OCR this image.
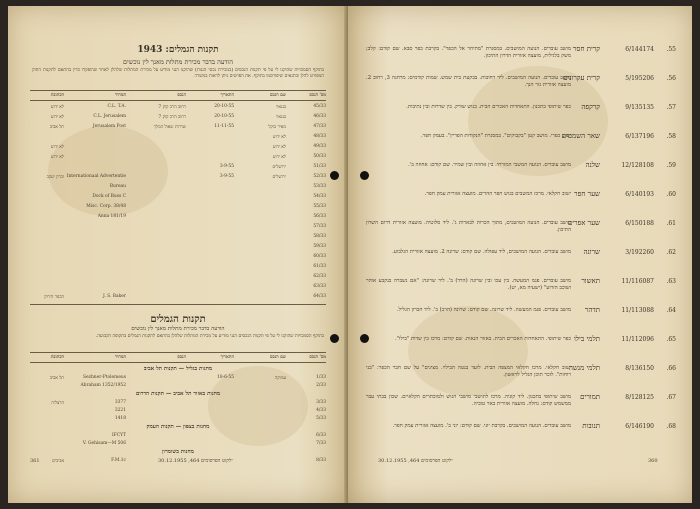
תקנות הגמלים: 1943
הודעה בדבר מכירת מתלות מאנך לין נוכשים
בתוקף הסמכויות שהוקנו לי על פי תקנות הנכסים (במכירת נכסי הגנות) שהוקנו הנני מודיע על מכירת המתלות שלהלן לאחר שהופקדו כדין בהתאם לתקנות החוק המפורט להלן ובתנאים שיפורסמו בתוקף. את הפרטים ניתן לראות במשרד.
מס' הנכס
שם הנכס
התאריך
הנכס
המחיר
הכתובת
45/33
בנגאוי
20-10-55
רחוב הרב קוק 7
C.L. T.A.
לא ידוע
46/33
בנגאוי
20-10-55
רחוב הרב קוק 7
C.L. Jerusalem
לא ידוע
47/33
מאיר בוקל
11-11-55
שדרות שאול המלך
Jerusalem Post
תל אביב
48/33
לא ידוע
49/33
לא ידוע
לא ידוע
50/33
לא ידוע
לא ידוע
51/33
ירושלים
3-9-55
52/33
ירושלים
3-9-55
Internationaal Advertentie
זכרון יעקב
53/33
Bureau
54/33
Dock of Buss C
55/33
Misc. Corp. 38/48
56/33
Anna 181/19
57/33
58/33
59/33
60/33
61/33
62/33
63/33
64/33
J. S. Baker
הכפר הירוק
תקנות הגמלים
הודעה בדבר מכירת מתלות מאנך לין נוכשים
בתוקף הסמכויות שהוקנו לי על פי תקנות הנכסים הנני מודיע על מכירת המתלות שלהלן בהתאם לתקנות הגמלים בתקופה הקבועה.
מס' הנכס
שם הנכס
התאריך
הנכס
המחיר
הכתובת
מחנות בגליל — תקנות תל אביב
1/33
עמוקה
18-6-55
Sezhner-Ptolemeus
תל אביב
2/33
Abraham 1352/1952
מחנות באזור תל אביב — תקנות הדרום
3/33
3377
הרצליה
4/33
3221
5/33
1418
מחנות בצפון — תקנות העמק
6/33
IFCYT
7/33
V. Gehisam—M 506
מחנות בשומרון
8/33
F.M.1c
אביבים
361	ילקוט הפרסומים 464, 30.12.1955
.55
6/144174
קרית חסר
מושב עובדים. הנועה המושבים. במסגרת "מתיחר אל הכפר". בקרבת כפר סבא. שם קודם: קלב; משק בלגילית, מועצה אזורית הדרון התיכון.
.56
5/195206
קרית עקרונים
מושב עובדים. הנועה המושבים. ליד רחובות. בבקעת בית שמש. שמות קודמים: מרחנה 3, רחוב 2. מועצה אזורית גזר הנך.
.57
9/135135
קרקפה
כפר שיתופי בתכנון. התאחדות האכרים הבית. בגוש שורק. בין שדרות ובין נתיבות.
.58
6/137196
שאר השמטים
ישוב כפרי. מושב קטן "בקבוקים". במסגרת "הנקודות הפריין". בעמק חפר.
.59
12/128108
שלנה
מושב עובדים. הנועה המשבי המזרחי. בין אחוזה ובין שמיר. שם קודם: אחוזה ב'.
.60
6/140193
שער חפר
ישוב חקלאי. מרכז המשבים בגוש חפר ההרים. מועצה אזורית עמק חפר.
.61
6/150188
שער אפרים
מושב עובדים. הנועה המושבים, מתוך הכרות לבארות ג'. ליד סלוטיה. מועצה אזורית דרום השרון התיכון.
.62
3/192260
שרונה
מושב עובדים. הנועה המושבים, ליד עפולה. שם קודם: שרונה 2. מועצה אזורית הגלבוע.
.63
11/116087
תאשור
מושב עובדים. פגמ המעשה. בין עכו ובין שרונה (הרד) ב'. ליד שרונה: "אם נשברה בנקבע אוהר ושוכב הזרוע" (ישעיה מא, יט).
.64
11/113088
תדהר
מושב עובדים. פגמ המעשה. ליד שרונה. שם קודם: שרונה (הרב) ב'. ליד חברון הגליל.
.65
11/112096
תלמי בילו
כפר שיתופי. התאחדות האכרים הבית. באזור הנאות. שם קודם: מרכז בין שדות "בילו".
.66
8/136150
תלמי מנשה
ישוב חקלאי. מרכז חקלאי המצפה הבית. לועד בנטה הבילוי. מצינים" על שם חבר הכפר: "בני רוחות". לזכר תוכן הגליל לראשון.
.67
8/128125
תמורים
מושב שיתופי בתכנון. ליד קוניה. מרכז לתושבי מושבי הגוש ולמוכתרים הקלאיים. שכון בבתי עבר ממשמש קודם: נחלה. מועצה אזורית באר טוביה.
.68
6/146190
תנובות
מושב עובדים. הנועה המושבים. בקרבת יוני. שם קודם: יוני ב'. מועצה אזורית עמק חפר.
ילקוט הפרסומים 464, 30.12.1955	360
